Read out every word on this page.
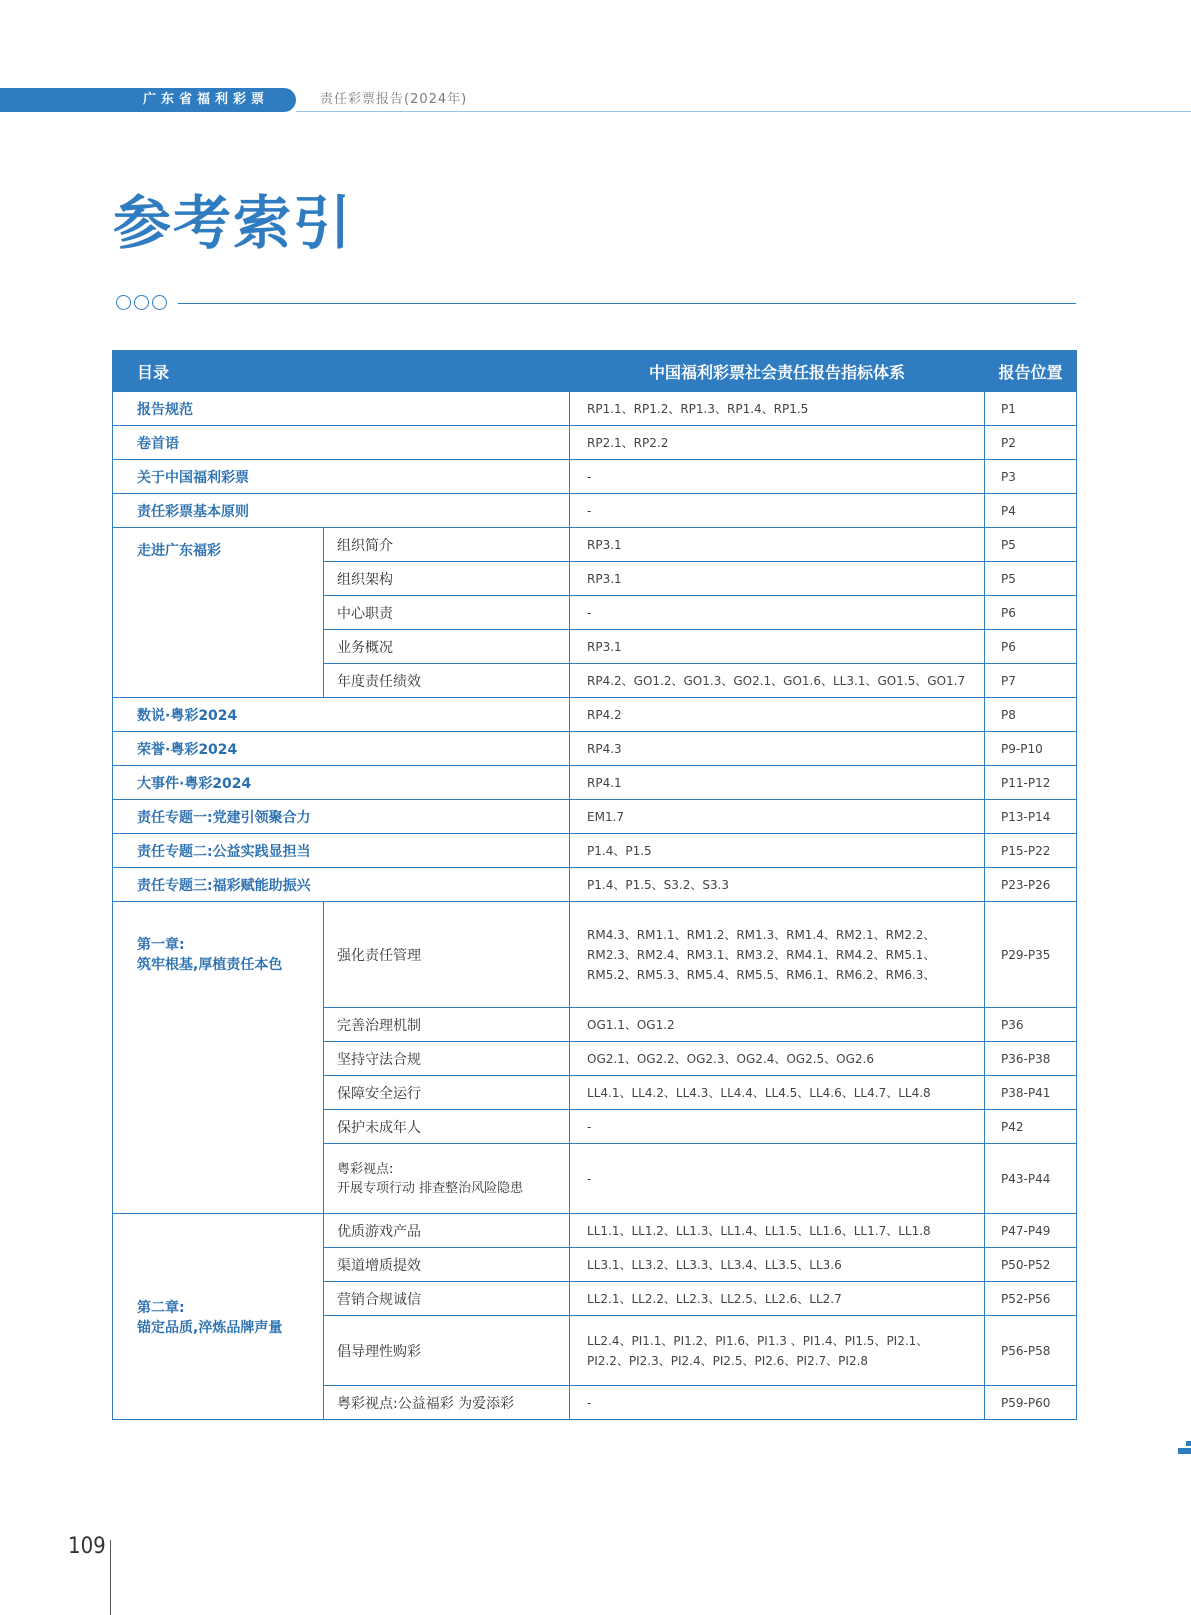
广东省福利彩票	责任彩票报告(2024年)
参考索引
目录		中国福利彩票社会责任报告指标体系	报告位置
报告规范		RP1.1、RP1.2、RP1.3、RP1.4、RP1.5	P1
卷首语		RP2.1、RP2.2	P2
关于中国福利彩票		-	P3
责任彩票基本原则		-	P4
走进广东福彩	组织简介	RP3.1	P5
	组织架构	RP3.1	P5
	中心职责	-	P6
	业务概况	RP3.1	P6
	年度责任绩效	RP4.2、GO1.2、GO1.3、GO2.1、GO1.6、LL3.1、GO1.5、GO1.7	P7
数说·粤彩2024		RP4.2	P8
荣誉·粤彩2024		RP4.3	P9-P10
大事件·粤彩2024		RP4.1	P11-P12
责任专题一:党建引领聚合力		EM1.7	P13-P14
责任专题二:公益实践显担当		P1.4、P1.5	P15-P22
责任专题三:福彩赋能助振兴		P1.4、P1.5、S3.2、S3.3	P23-P26
第一章:
筑牢根基,厚植责任本色	强化责任管理	RM4.3、RM1.1、RM1.2、RM1.3、RM1.4、RM2.1、RM2.2、
RM2.3、RM2.4、RM3.1、RM3.2、RM4.1、RM4.2、RM5.1、
RM5.2、RM5.3、RM5.4、RM5.5、RM6.1、RM6.2、RM6.3、	P29-P35
	完善治理机制	OG1.1、OG1.2	P36
	坚持守法合规	OG2.1、OG2.2、OG2.3、OG2.4、OG2.5、OG2.6	P36-P38
	保障安全运行	LL4.1、LL4.2、LL4.3、LL4.4、LL4.5、LL4.6、LL4.7、LL4.8	P38-P41
	保护未成年人	-	P42
	粤彩视点:
开展专项行动 排查整治风险隐患	-	P43-P44
第二章:
锚定品质,淬炼品牌声量	优质游戏产品	LL1.1、LL1.2、LL1.3、LL1.4、LL1.5、LL1.6、LL1.7、LL1.8	P47-P49
	渠道增质提效	LL3.1、LL3.2、LL3.3、LL3.4、LL3.5、LL3.6	P50-P52
	营销合规诚信	LL2.1、LL2.2、LL2.3、LL2.5、LL2.6、LL2.7	P52-P56
	倡导理性购彩	LL2.4、PI1.1、PI1.2、PI1.6、PI1.3 、PI1.4、PI1.5、PI2.1、
PI2.2、PI2.3、PI2.4、PI2.5、PI2.6、PI2.7、PI2.8	P56-P58
	粤彩视点:公益福彩 为爱添彩	-	P59-P60
109
